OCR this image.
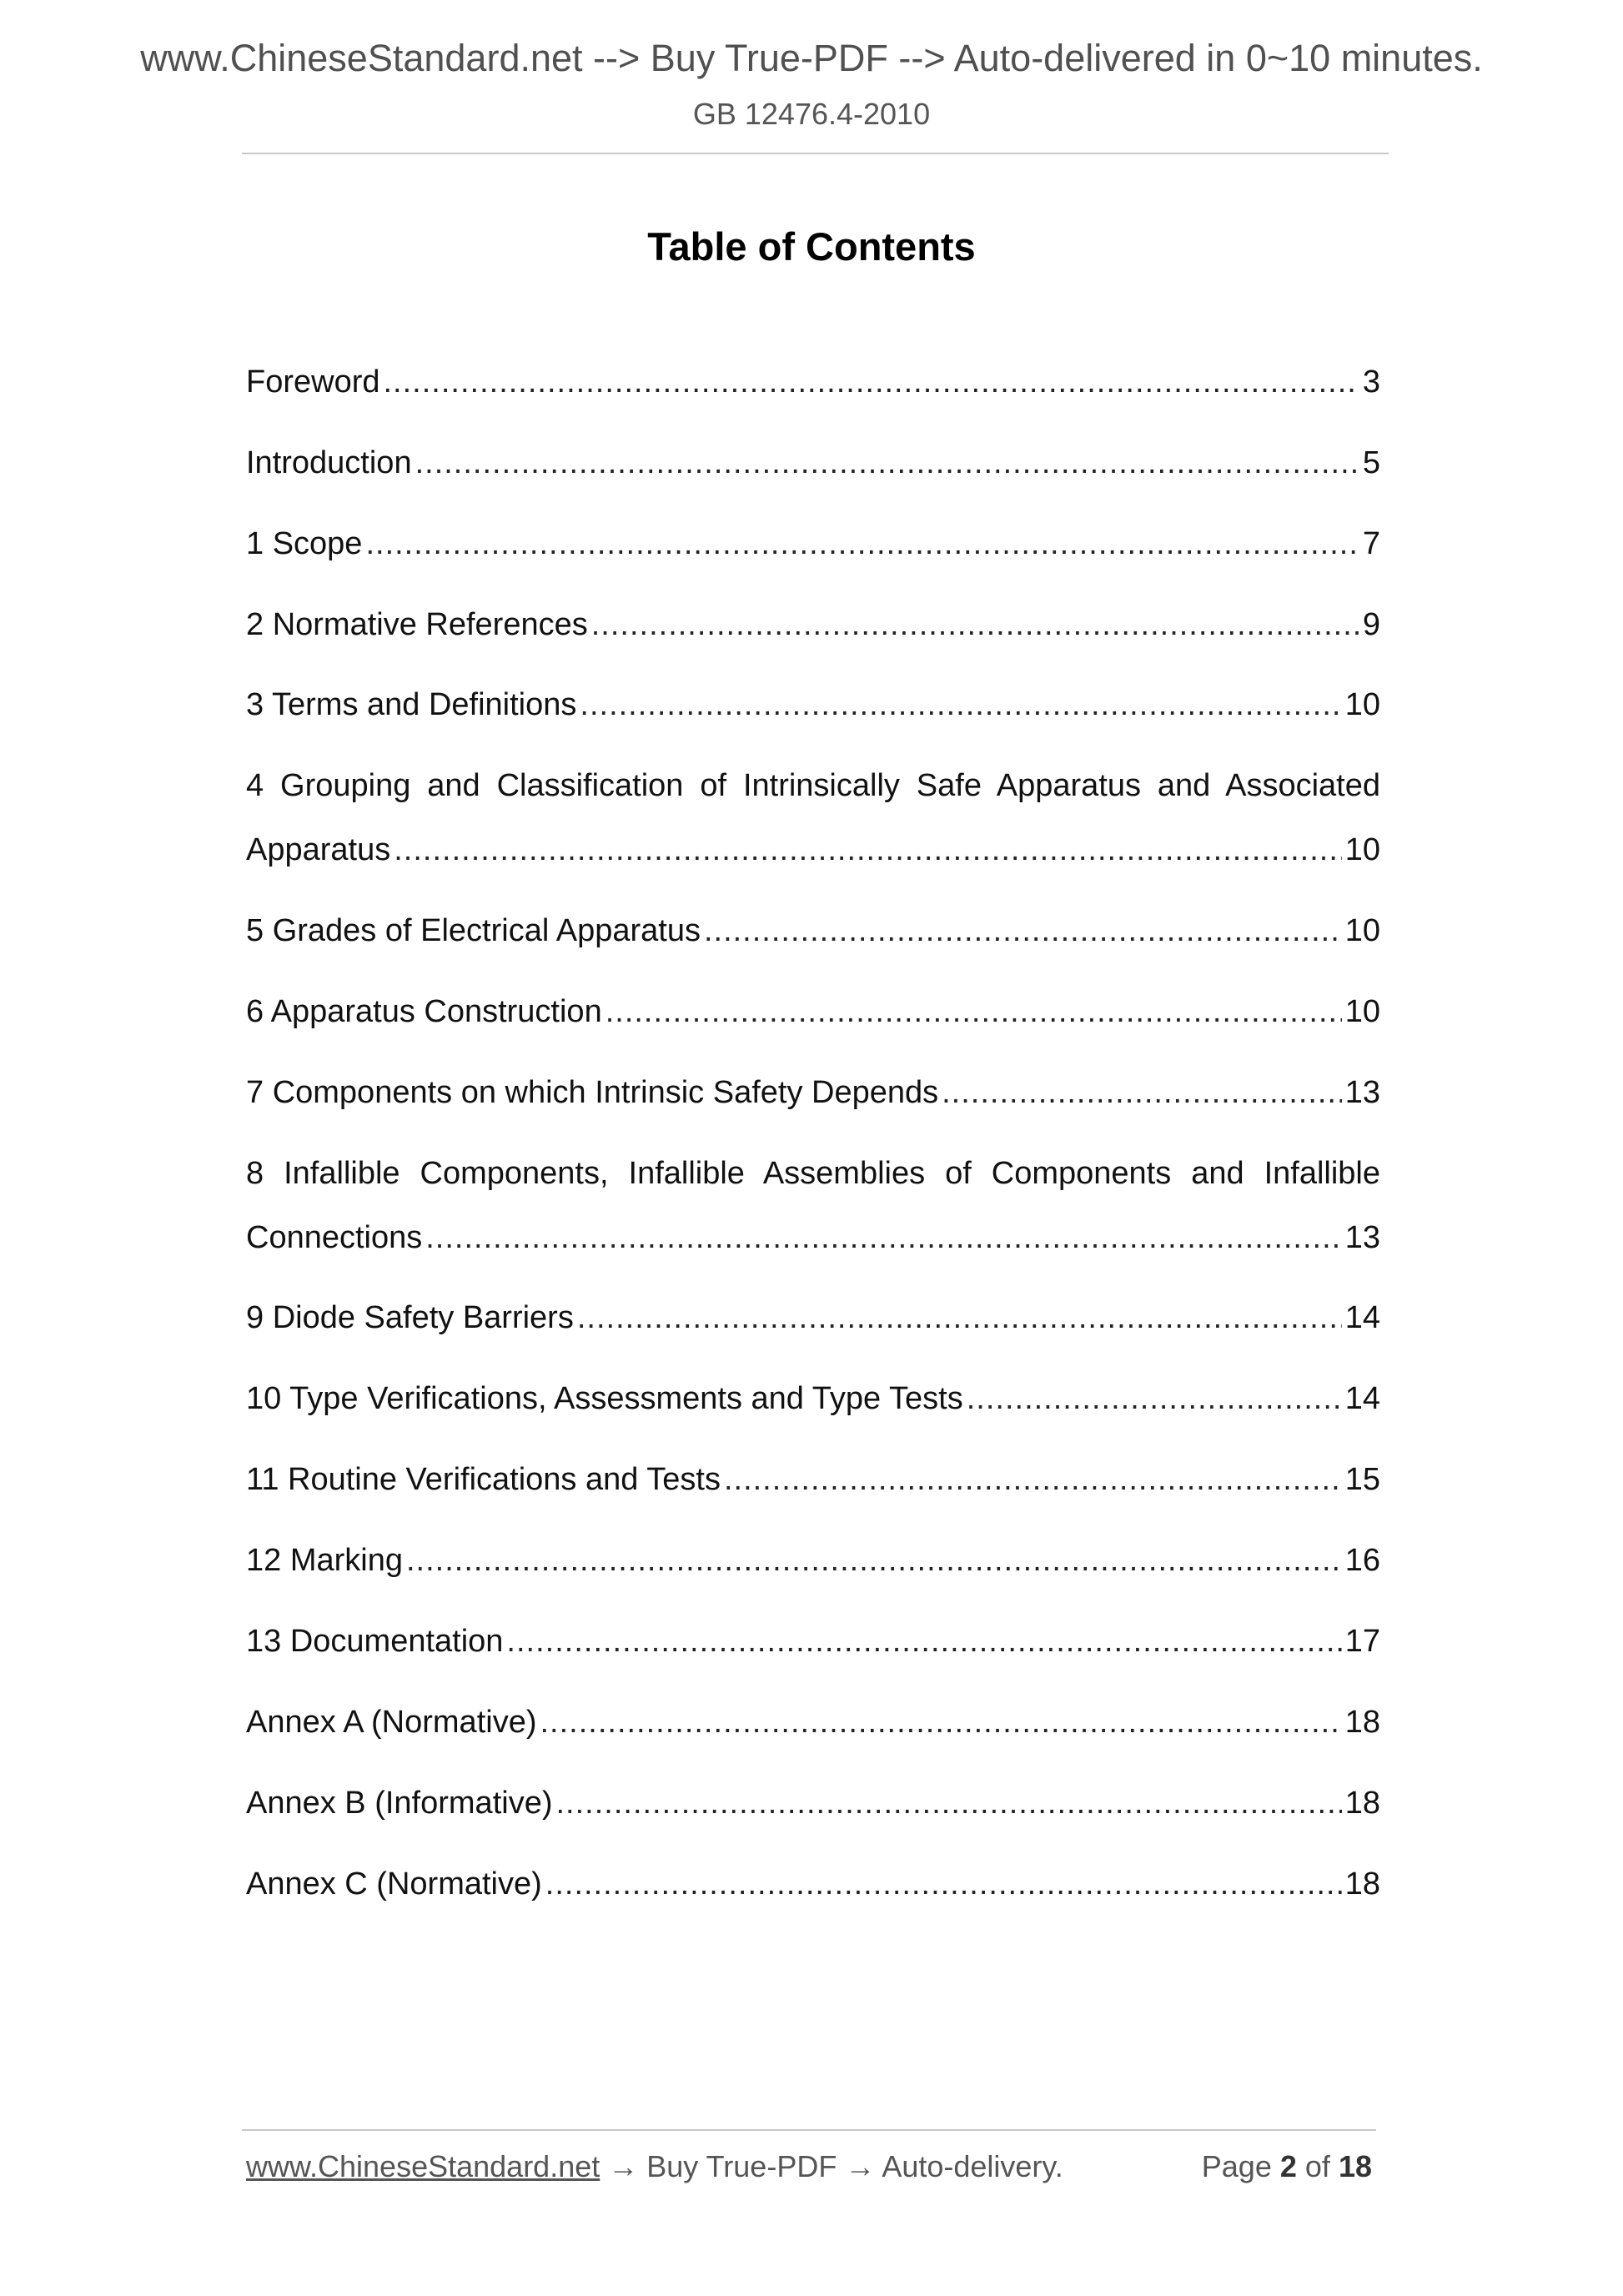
www.ChineseStandard.net --> Buy True-PDF --> Auto-delivered in 0~10 minutes.
GB 12476.4-2010
Table of Contents
Foreword .....	3
Introduction .....	5
1 Scope .....	7
2 Normative References .....	9
3 Terms and Definitions .....	10
4 Grouping and Classification of Intrinsically Safe Apparatus and Associated
Apparatus .....	10
5 Grades of Electrical Apparatus .....	10
6 Apparatus Construction .....	10
7 Components on which Intrinsic Safety Depends .....	13
8 Infallible Components, Infallible Assemblies of Components and Infallible
Connections .....	13
9 Diode Safety Barriers .....	14
10 Type Verifications, Assessments and Type Tests .....	14
11 Routine Verifications and Tests .....	15
12 Marking .....	16
13 Documentation .....	17
Annex A (Normative) .....	18
Annex B (Informative) .....	18
Annex C (Normative) .....	18
www.ChineseStandard.net → Buy True-PDF → Auto-delivery.	Page 2 of 18
